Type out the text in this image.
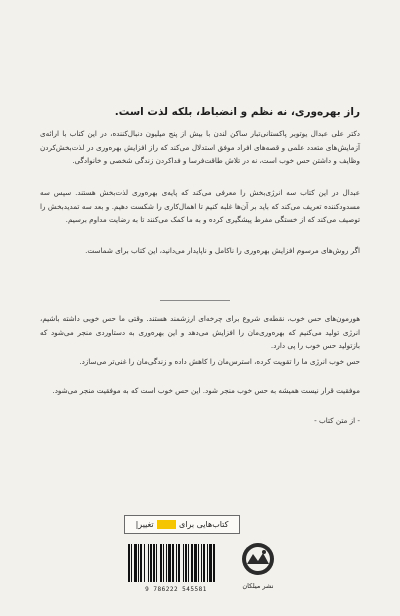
راز بهره‌وری، نه نظم و انضباط، بلکه لذت است.

دکتر علی عبدال یوتوبر پاکستانی‌تبار ساکن لندن با بیش از پنج میلیون دنبال‌کننده، در این کتاب با ارائه‌ی آزمایش‌های متعدد علمی و قصه‌های افراد موفق استدلال می‌کند که راز افزایش بهره‌وری در لذت‌بخش‌کردن وظایف و داشتن حس خوب است، نه در تلاش طاقت‌فرسا و فداکردن زندگی شخصی و خانوادگی.

عبدال در این کتاب سه انرژی‌بخش را معرفی می‌کند که پایه‌ی بهره‌وری لذت‌بخش هستند. سپس سه مسدودکننده تعریف می‌کند که باید بر آن‌ها غلبه کنیم تا اهمال‌کاری را شکست دهیم. و بعد سه تمدیدبخش را توصیف می‌کند که از خستگی مفرط پیشگیری کرده و به ما کمک می‌کنند تا به رضایت مداوم برسیم.

اگر روش‌های مرسوم افزایش بهره‌وری را ناکامل و ناپایدار می‌دانید، این کتاب برای شماست.

هورمون‌های حس خوب، نقطه‌ی شروع برای چرخه‌ای ارزشمند هستند. وقتی ما حس خوبی داشته باشیم، انرژی تولید می‌کنیم که بهره‌وری‌مان را افزایش می‌دهد و این بهره‌وری به دستاوردی منجر می‌شود که بازتولید حس خوب را پی دارد.

حس خوب انرژی ما را تقویت کرده، استرس‌مان را کاهش داده و زندگی‌مان را غنی‌تر می‌سازد.

موفقیت قرار نیست همیشه به حس خوب منجر شود. این حس خوب است که به موفقیت منجر می‌شود.

- از متن کتاب -

کتاب‌هایی برای
تغییر
تغییر|
9 786222 545581	نشر میلکان
